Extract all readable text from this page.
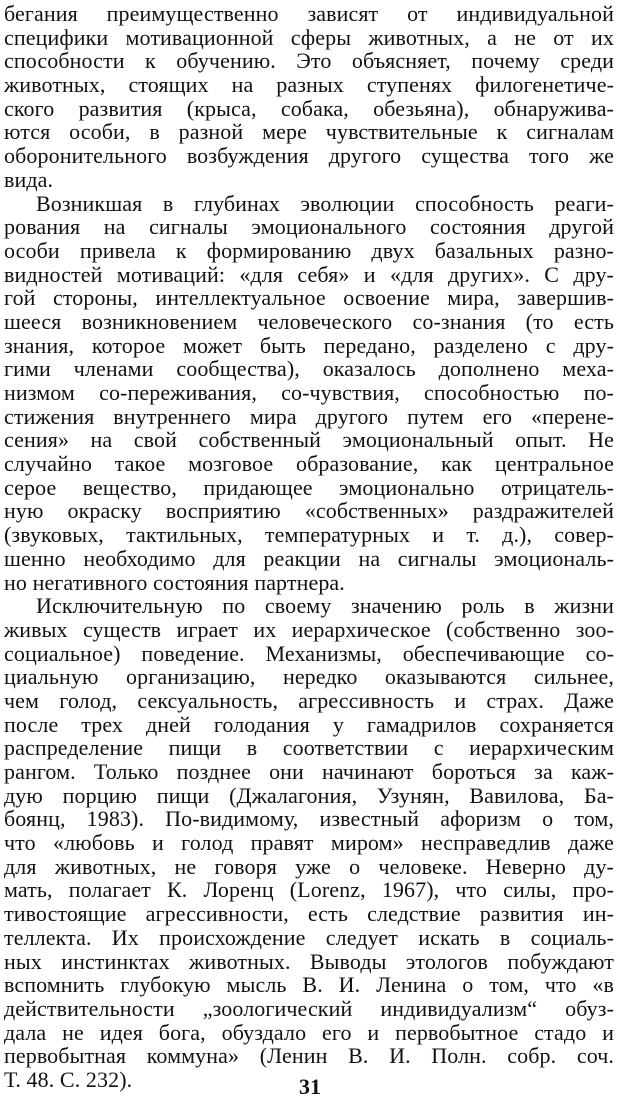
бегания преимущественно зависят от индивидуальной
специфики мотивационной сферы животных, а не от их
способности к обучению. Это объясняет, почему среди
животных, стоящих на разных ступенях филогенетиче-
ского развития (крыса, собака, обезьяна), обнаружива-
ются особи, в разной мере чувствительные к сигналам
оборонительного возбуждения другого существа того же
вида.
Возникшая в глубинах эволюции способность реаги-
рования на сигналы эмоционального состояния другой
особи привела к формированию двух базальных разно-
видностей мотиваций: «для себя» и «для других». С дру-
гой стороны, интеллектуальное освоение мира, завершив-
шееся возникновением человеческого со-знания (то есть
знания, которое может быть передано, разделено с дру-
гими членами сообщества), оказалось дополнено меха-
низмом со-переживания, со-чувствия, способностью по-
стижения внутреннего мира другого путем его «перене-
сения» на свой собственный эмоциональный опыт. Не
случайно такое мозговое образование, как центральное
серое вещество, придающее эмоционально отрицатель-
ную окраску восприятию «собственных» раздражителей
(звуковых, тактильных, температурных и т. д.), совер-
шенно необходимо для реакции на сигналы эмоциональ-
но негативного состояния партнера.
Исключительную по своему значению роль в жизни
живых существ играет их иерархическое (собственно зоо-
социальное) поведение. Механизмы, обеспечивающие со-
циальную организацию, нередко оказываются сильнее,
чем голод, сексуальность, агрессивность и страх. Даже
после трех дней голодания у гамадрилов сохраняется
распределение пищи в соответствии с иерархическим
рангом. Только позднее они начинают бороться за каж-
дую порцию пищи (Джалагония, Узунян, Вавилова, Ба-
боянц, 1983). По-видимому, известный афоризм о том,
что «любовь и голод правят миром» несправедлив даже
для животных, не говоря уже о человеке. Неверно ду-
мать, полагает К. Лоренц (Lorenz, 1967), что силы, про-
тивостоящие агрессивности, есть следствие развития ин-
теллекта. Их происхождение следует искать в социаль-
ных инстинктах животных. Выводы этологов побуждают
вспомнить глубокую мысль В. И. Ленина о том, что «в
действительности „зоологический индивидуализм“ обуз-
дала не идея бога, обуздало его и первобытное стадо и
первобытная коммуна» (Ленин В. И. Полн. собр. соч.
Т. 48. С. 232).	31
